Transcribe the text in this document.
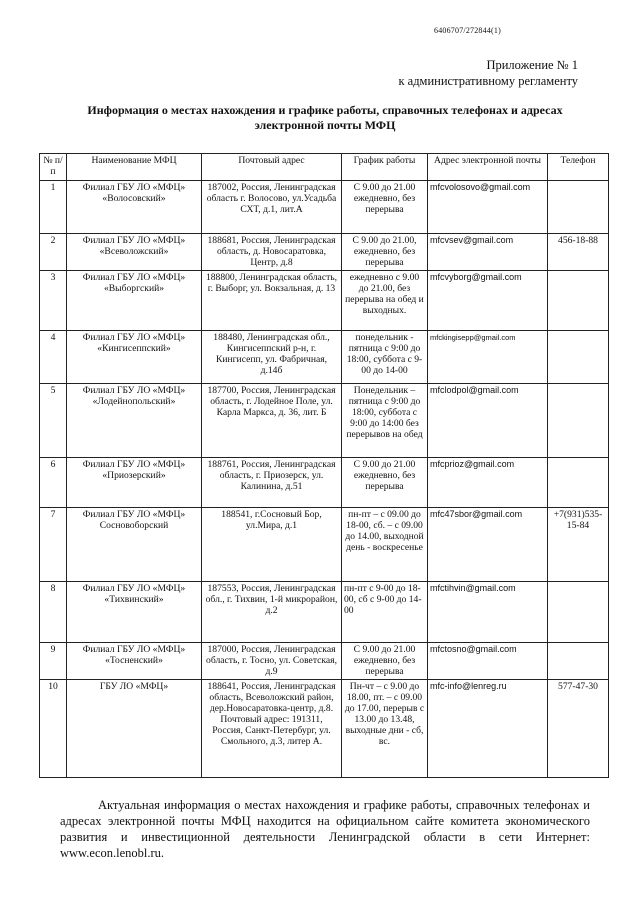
6406707/272844(1)
Приложение № 1
к административному регламенту
Информация о местах нахождения и графике работы, справочных телефонах и адресах
электронной почты МФЦ
№ п/п	Наименование МФЦ	Почтовый адрес	График работы	Адрес электронной почты	Телефон
1	Филиал ГБУ ЛО «МФЦ» «Волосовский»	187002, Россия, Ленинградская область г. Волосово, ул.Усадьба СХТ, д.1, лит.А	С 9.00 до 21.00 ежедневно, без перерыва	mfcvolosovo@gmail.com	
2	Филиал ГБУ ЛО «МФЦ» «Всеволожский»	188681, Россия, Ленинградская область, д. Новосаратовка, Центр, д.8	С 9.00 до 21.00, ежедневно, без перерыва	mfcvsev@gmail.com	456-18-88
3	Филиал ГБУ ЛО «МФЦ» «Выборгский»	188800, Ленинградская область, г. Выборг, ул. Вокзальная, д. 13	ежедневно с 9.00 до 21.00, без перерыва на обед и выходных.	mfcvyborg@gmail.com	
4	Филиал ГБУ ЛО «МФЦ» «Кингисеппский»	188480, Ленинградская обл., Кингисеппский р-н, г. Кингисепп, ул. Фабричная, д.14б	понедельник - пятница с 9:00 до 18:00, суббота с 9-00 до 14-00	mfckingisepp@gmail.com	
5	Филиал ГБУ ЛО «МФЦ» «Лодейнопольский»	187700, Россия, Ленинградская область, г. Лодейное Поле, ул. Карла Маркса, д. 36, лит. Б	Понедельник – пятница с 9:00 до 18:00, суббота с 9:00 до 14:00 без перерывов на обед	mfclodpol@gmail.com	
6	Филиал ГБУ ЛО «МФЦ» «Приозерский»	188761, Россия, Ленинградская область, г. Приозерск, ул. Калинина, д.51	С 9.00 до 21.00 ежедневно, без перерыва	mfcprioz@gmail.com	
7	Филиал ГБУ ЛО «МФЦ» Сосновоборский	188541, г.Сосновый Бор, ул.Мира, д.1	пн-пт – с 09.00 до 18-00, сб. – с 09.00 до 14.00, выходной день - воскресенье	mfc47sbor@gmail.com	+7(931)535-15-84
8	Филиал ГБУ ЛО «МФЦ» «Тихвинский»	187553, Россия, Ленинградская обл., г. Тихвин, 1-й микрорайон, д.2	пн-пт с 9-00 до 18-00, сб с 9-00 до 14-00	mfctihvin@gmail.com	
9	Филиал ГБУ ЛО «МФЦ» «Тосненский»	187000, Россия, Ленинградская область, г. Тосно, ул. Советская, д.9	С 9.00 до 21.00 ежедневно, без перерыва	mfctosno@gmail.com	
10	ГБУ ЛО «МФЦ»	188641, Россия, Ленинградская область, Всеволожский район, дер.Новосаратовка-центр, д.8. Почтовый адрес: 191311, Россия, Санкт-Петербург, ул. Смольного, д.3, литер А.	Пн-чт – с 9.00 до 18.00, пт. – с 09.00 до 17.00, перерыв с 13.00 до 13.48, выходные дни - сб, вс.	mfc-info@lenreg.ru	577-47-30

Актуальная информация о местах нахождения и графике работы, справочных телефонах и адресах электронной почты МФЦ находится на официальном сайте комитета экономического развития и инвестиционной деятельности Ленинградской области в сети Интернет: www.econ.lenobl.ru.
